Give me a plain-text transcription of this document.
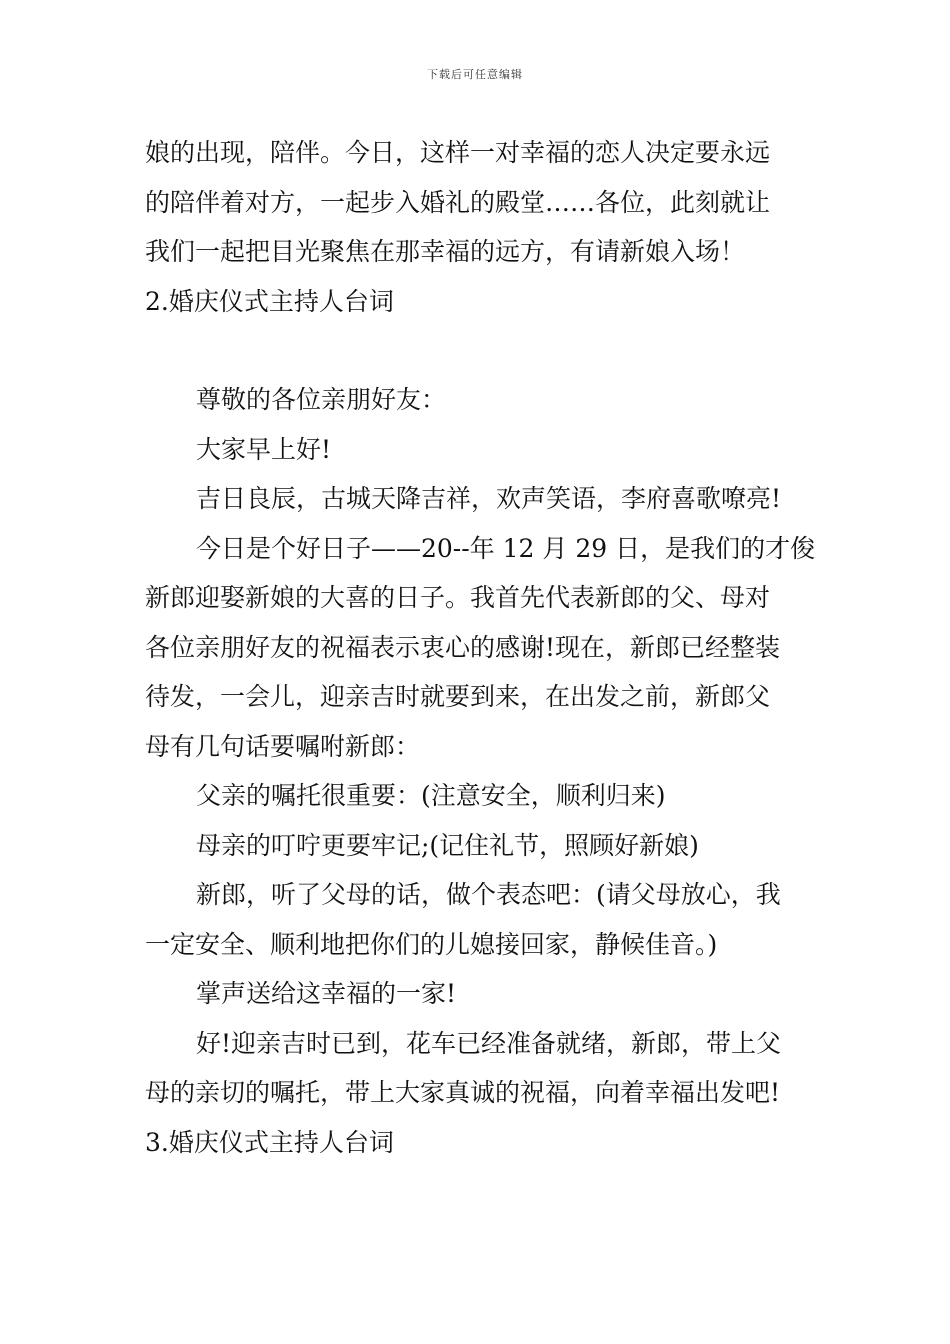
下载后可任意编辑

娘的出现，陪伴。今日，这样一对幸福的恋人决定要永远

的陪伴着对方，一起步入婚礼的殿堂……各位，此刻就让

我们一起把目光聚焦在那幸福的远方，有请新娘入场！

2.婚庆仪式主持人台词

尊敬的各位亲朋好友：

大家早上好!

吉日良辰，古城天降吉祥，欢声笑语，李府喜歌嘹亮!

今日是个好日子——20--年 12 月 29 日，是我们的才俊

新郎迎娶新娘的大喜的日子。我首先代表新郎的父、母对

各位亲朋好友的祝福表示衷心的感谢!现在，新郎已经整装

待发，一会儿，迎亲吉时就要到来，在出发之前，新郎父

母有几句话要嘱咐新郎：

父亲的嘱托很重要：(注意安全，顺利归来)

母亲的叮咛更要牢记;(记住礼节，照顾好新娘)

新郎，听了父母的话，做个表态吧：(请父母放心，我

一定安全、顺利地把你们的儿媳接回家，静候佳音。)

掌声送给这幸福的一家!

好!迎亲吉时已到，花车已经准备就绪，新郎，带上父

母的亲切的嘱托，带上大家真诚的祝福，向着幸福出发吧!

3.婚庆仪式主持人台词
